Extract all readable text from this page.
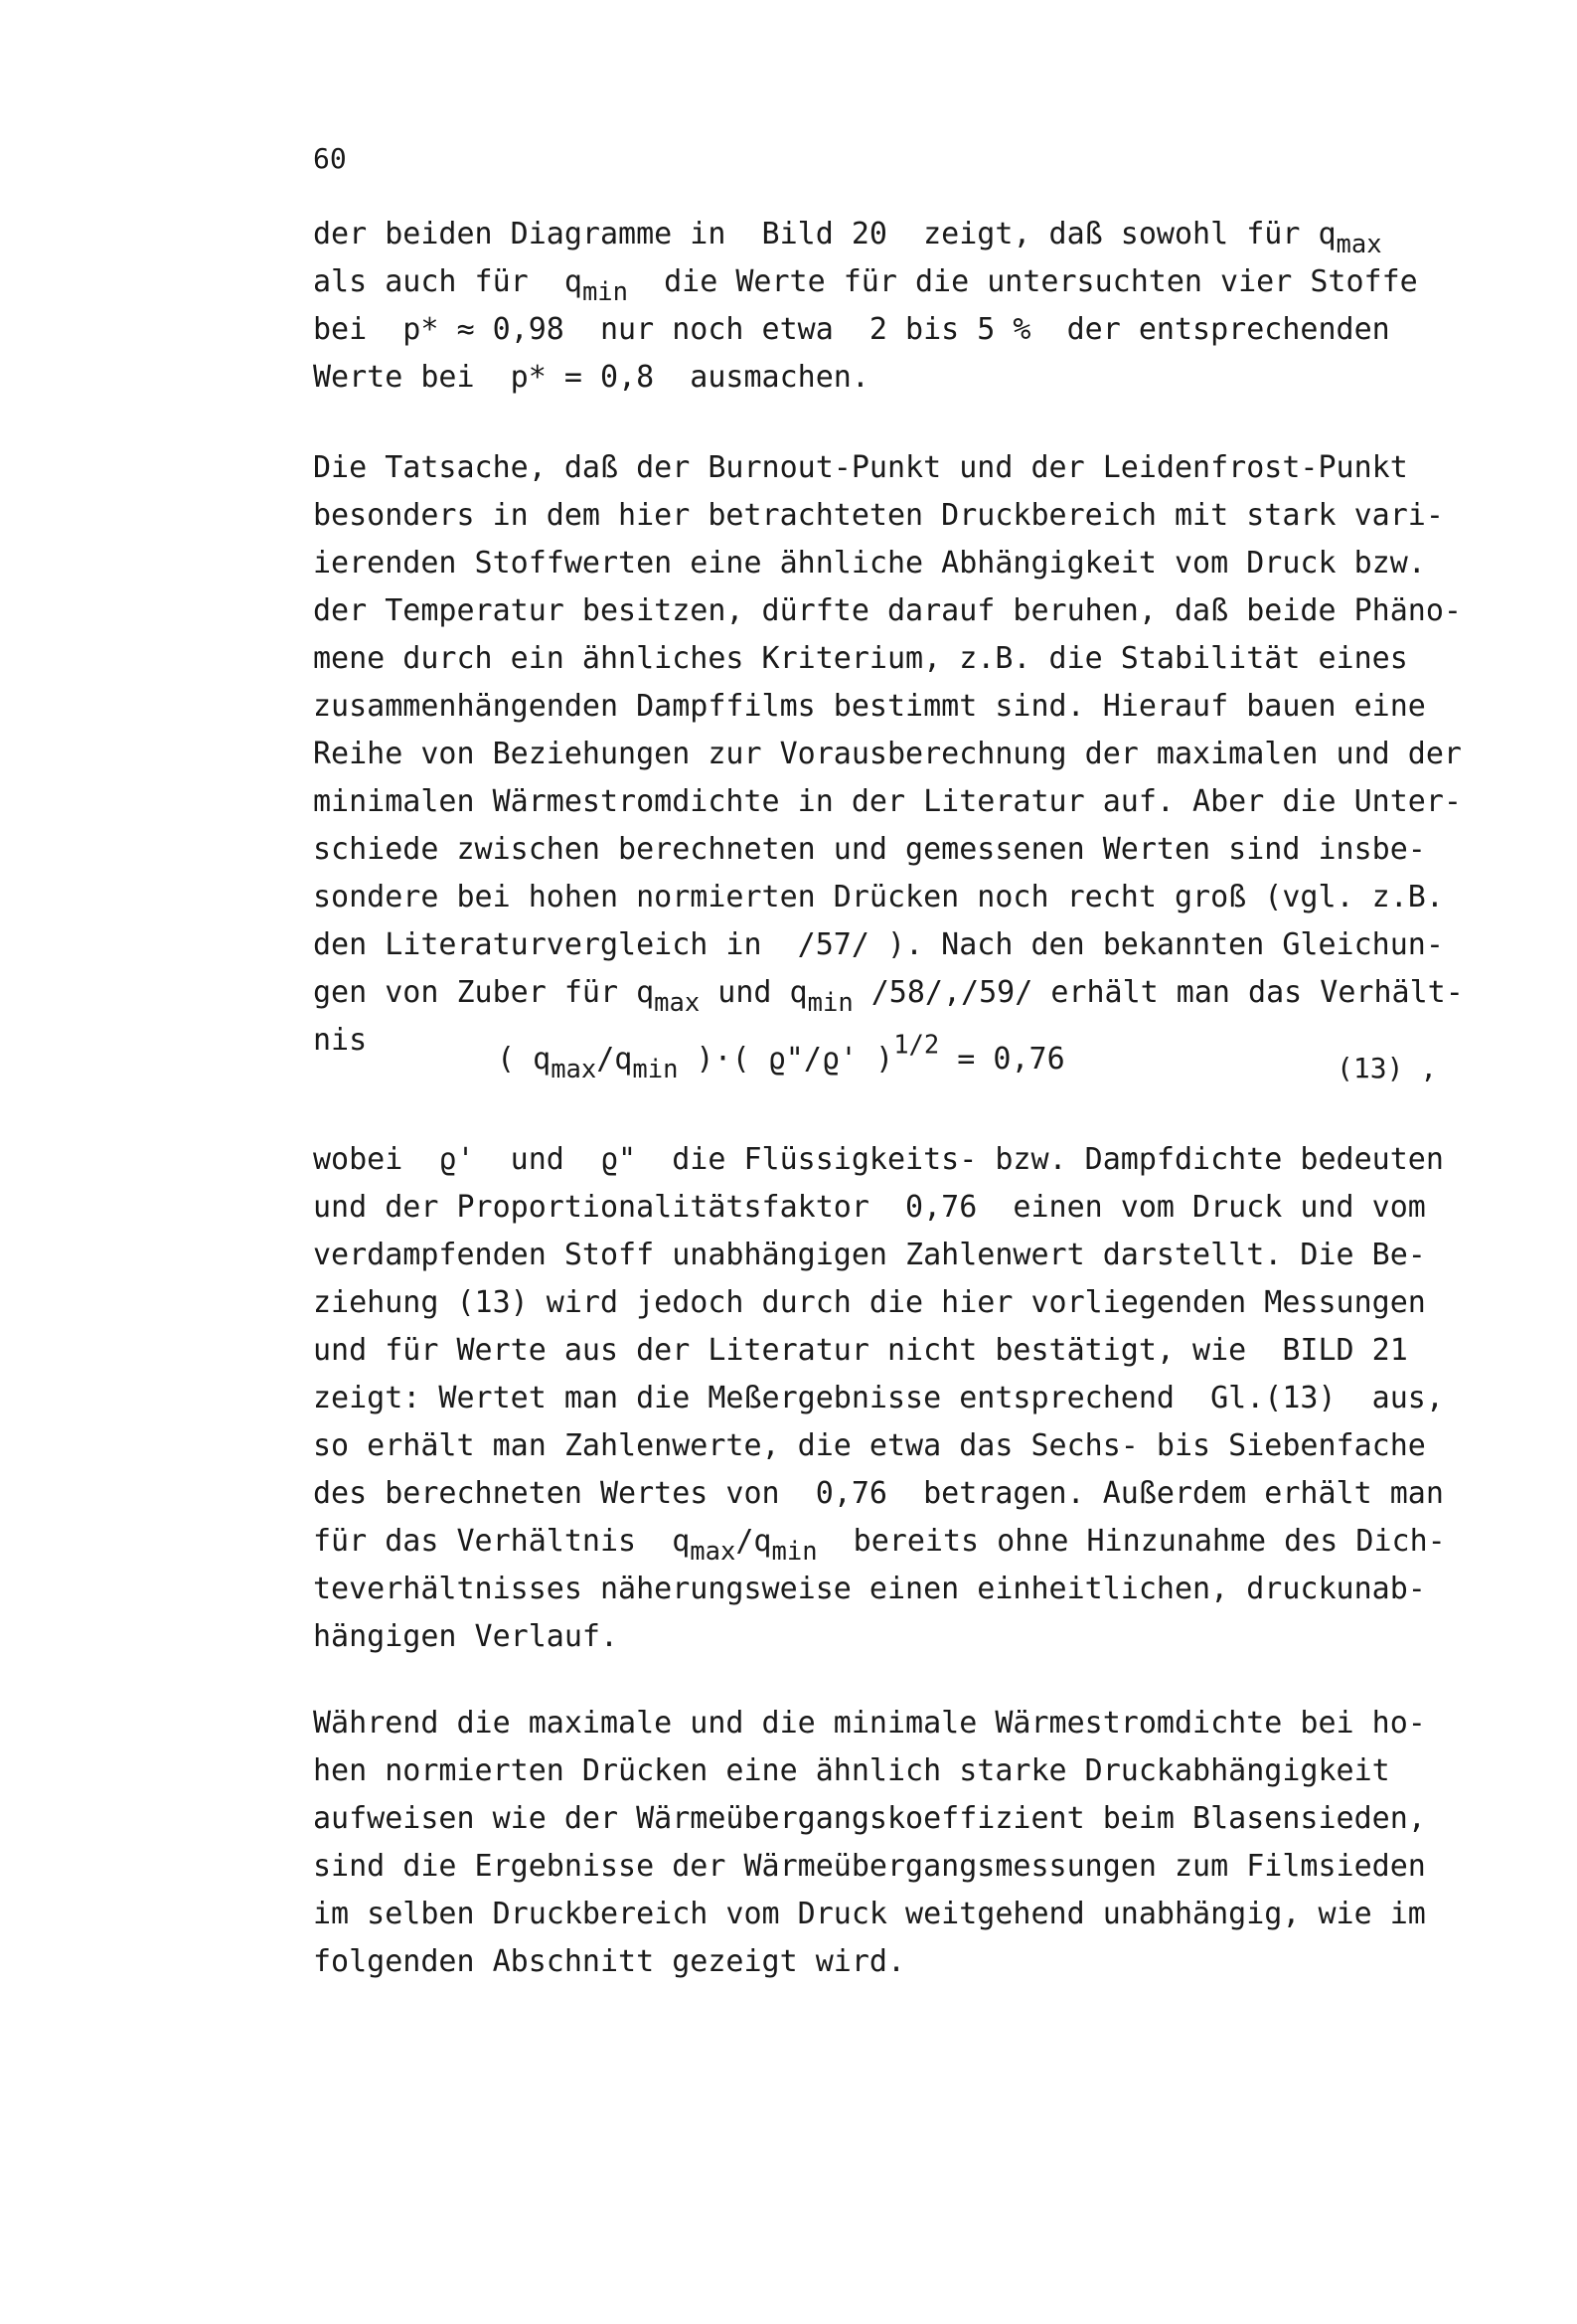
60
der beiden Diagramme in  Bild 20  zeigt, daß sowohl für $q_{max}$
als auch für  $q_{min}$  die Werte für die untersuchten vier Stoffe
bei  p* ≈ 0,98  nur noch etwa  2 bis 5 %  der entsprechenden
Werte bei  p* = 0,8  ausmachen.
Die Tatsache, daß der Burnout-Punkt und der Leidenfrost-Punkt
besonders in dem hier betrachteten Druckbereich mit stark vari-
ierenden Stoffwerten eine ähnliche Abhängigkeit vom Druck bzw.
der Temperatur besitzen, dürfte darauf beruhen, daß beide Phäno-
mene durch ein ähnliches Kriterium, z.B. die Stabilität eines
zusammenhängenden Dampffilms bestimmt sind. Hierauf bauen eine
Reihe von Beziehungen zur Vorausberechnung der maximalen und der
minimalen Wärmestromdichte in der Literatur auf. Aber die Unter-
schiede zwischen berechneten und gemessenen Werten sind insbe-
sondere bei hohen normierten Drücken noch recht groß (vgl. z.B.
den Literaturvergleich in  /57/ ). Nach den bekannten Gleichun-
gen von Zuber für $q_{max}$ und $q_{min}$ /58/,/59/ erhält man das Verhält-
nis
( $q_{max}/q_{min}$ )·( ϱ"/ϱ' )$^{1/2}$ = 0,76	(13) ,
wobei  ϱ'  und  ϱ"  die Flüssigkeits- bzw. Dampfdichte bedeuten
und der Proportionalitätsfaktor  0,76  einen vom Druck und vom
verdampfenden Stoff unabhängigen Zahlenwert darstellt. Die Be-
ziehung (13) wird jedoch durch die hier vorliegenden Messungen
und für Werte aus der Literatur nicht bestätigt, wie  BILD 21
zeigt: Wertet man die Meßergebnisse entsprechend  Gl.(13)  aus,
so erhält man Zahlenwerte, die etwa das Sechs- bis Siebenfache
des berechneten Wertes von  0,76  betragen. Außerdem erhält man
für das Verhältnis  $q_{max}/q_{min}$  bereits ohne Hinzunahme des Dich-
teverhältnisses näherungsweise einen einheitlichen, druckunab-
hängigen Verlauf.
Während die maximale und die minimale Wärmestromdichte bei ho-
hen normierten Drücken eine ähnlich starke Druckabhängigkeit
aufweisen wie der Wärmeübergangskoeffizient beim Blasensieden,
sind die Ergebnisse der Wärmeübergangsmessungen zum Filmsieden
im selben Druckbereich vom Druck weitgehend unabhängig, wie im
folgenden Abschnitt gezeigt wird.
